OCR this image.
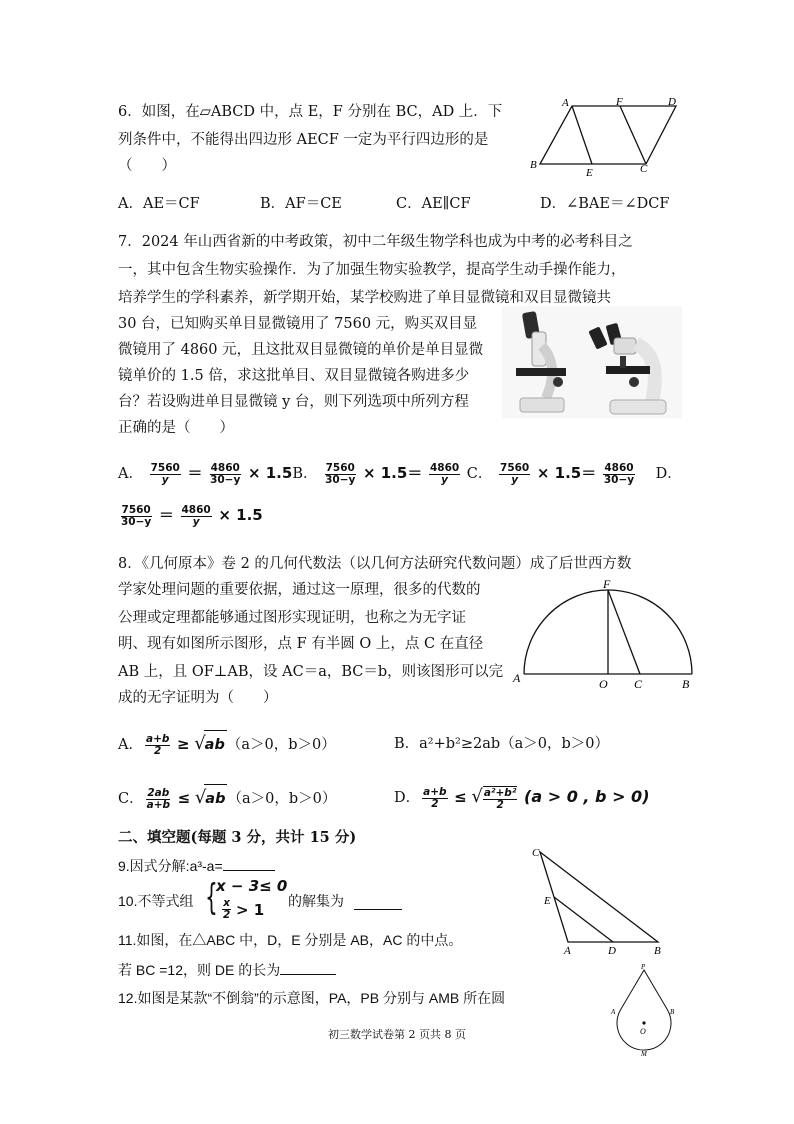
6．如图，在▱ABCD 中，点 E，F 分别在 BC，AD 上．下
列条件中，不能得出四边形 AECF 一定为平行四边形的是
（　　）
A	F	D
B
E	C
A．AE＝CF	B．AF＝CE	C．AE∥CF	D．∠BAE＝∠DCF
7．2024 年山西省新的中考政策，初中二年级生物学科也成为中考的必考科目之
一，其中包含生物实验操作．为了加强生物实验教学，提高学生动手操作能力，
培养学生的学科素养，新学期开始，某学校购进了单目显微镜和双目显微镜共
30 台，已知购买单目显微镜用了 7560 元，购买双目显
微镜用了 4860 元，且这批双目显微镜的单价是单目显微
镜单价的 1.5 倍，求这批单目、双目显微镜各购进多少
台？若设购进单目显微镜 y 台，则下列选项中所列方程
正确的是（　　）
A． $\frac{7560}{y} = \frac{4860}{30-y} \times 1.5B$． $\frac{7560}{30-y} \times 1.5= \frac{4860}{y}$ C． $\frac{7560}{y} \times 1.5= \frac{4860}{30-y}$ D．
$\frac{7560}{30-y} = \frac{4860}{y} \times 1.5$
8．《几何原本》卷 2 的几何代数法（以几何方法研究代数问题）成了后世西方数
学家处理问题的重要依据，通过这一原理，很多的代数的
公理或定理都能够通过图形实现证明，也称之为无字证
明、现有如图所示图形，点 F 有半圆 O 上，点 C 在直径
AB 上，且 OF⊥AB，设 AC＝a，BC＝b，则该图形可以完
成的无字证明为（　　）
F
A	O C	B
A． $\frac{a+b}{2} \ge √ab$ （a＞0，b＞0）	B．a²+b²≥2ab（a＞0，b＞0）
C． $\frac{2ab}{a+b} \le √ab$ （a＞0，b＞0）	D． $\frac{a+b}{2}$ ≤ √ $\frac{\text{a²+b²}}{2} (a > 0$ , b > 0)
二、填空题(每题 3 分，共计 15 分)
9.因式分解:a³-a=
10.不等式组 {
x − 3≤ 0
$\frac{x}{2} > 1$ 的解集为
11.如图，在△ABC 中，D，E 分别是 AB，AC 的中点。
若 BC =12，则 DE 的长为
12.如图是某款“不倒翁”的示意图，PA，PB 分别与 AMB 所在圆
C
E
A	D	B
P
A	B
O
M
初三数学试卷第 2 页共 8 页
